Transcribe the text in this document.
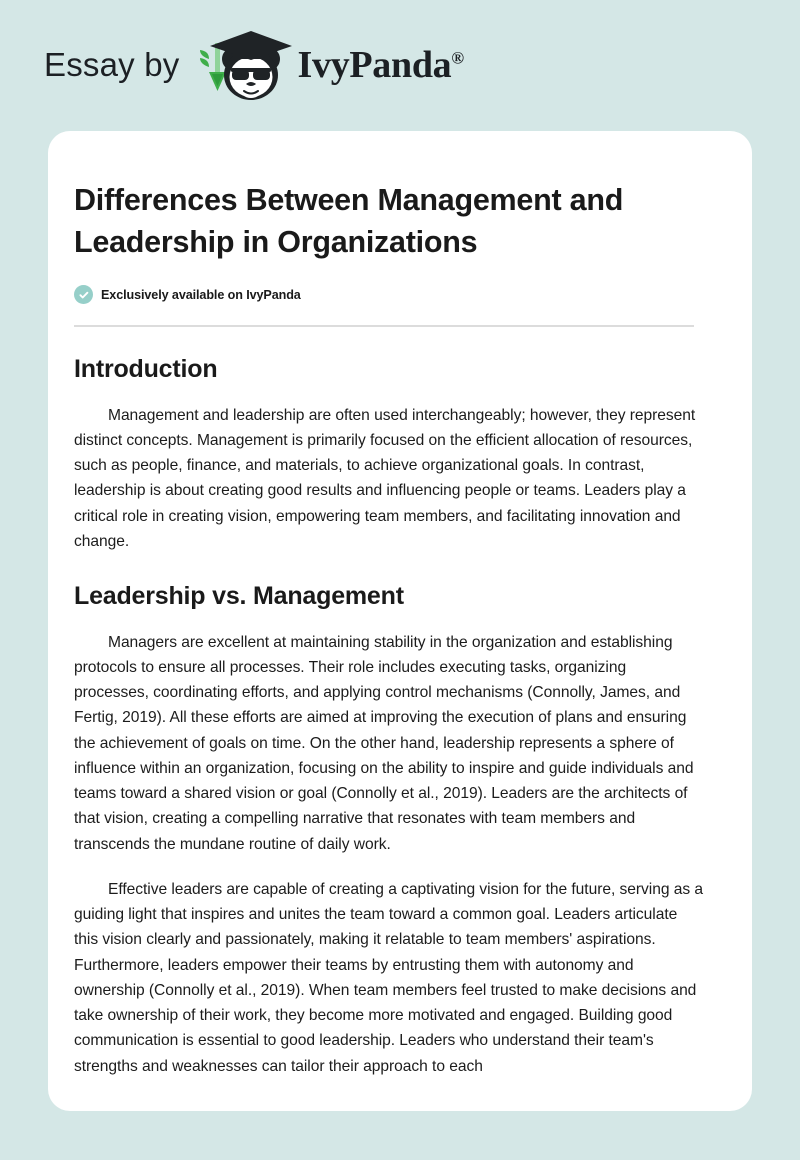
Essay by	IvyPanda®
Differences Between Management and Leadership in Organizations
Exclusively available on IvyPanda
Introduction

Management and leadership are often used interchangeably; however, they represent distinct concepts. Management is primarily focused on the efficient allocation of resources, such as people, finance, and materials, to achieve organizational goals. In contrast, leadership is about creating good results and influencing people or teams. Leaders play a critical role in creating vision, empowering team members, and facilitating innovation and change.

Leadership vs. Management

Managers are excellent at maintaining stability in the organization and establishing protocols to ensure all processes. Their role includes executing tasks, organizing processes, coordinating efforts, and applying control mechanisms (Connolly, James, and Fertig, 2019). All these efforts are aimed at improving the execution of plans and ensuring the achievement of goals on time. On the other hand, leadership represents a sphere of influence within an organization, focusing on the ability to inspire and guide individuals and teams toward a shared vision or goal (Connolly et al., 2019). Leaders are the architects of that vision, creating a compelling narrative that resonates with team members and transcends the mundane routine of daily work.

Effective leaders are capable of creating a captivating vision for the future, serving as a guiding light that inspires and unites the team toward a common goal. Leaders articulate this vision clearly and passionately, making it relatable to team members' aspirations. Furthermore, leaders empower their teams by entrusting them with autonomy and ownership (Connolly et al., 2019). When team members feel trusted to make decisions and take ownership of their work, they become more motivated and engaged. Building good communication is essential to good leadership. Leaders who understand their team's strengths and weaknesses can tailor their approach to each
